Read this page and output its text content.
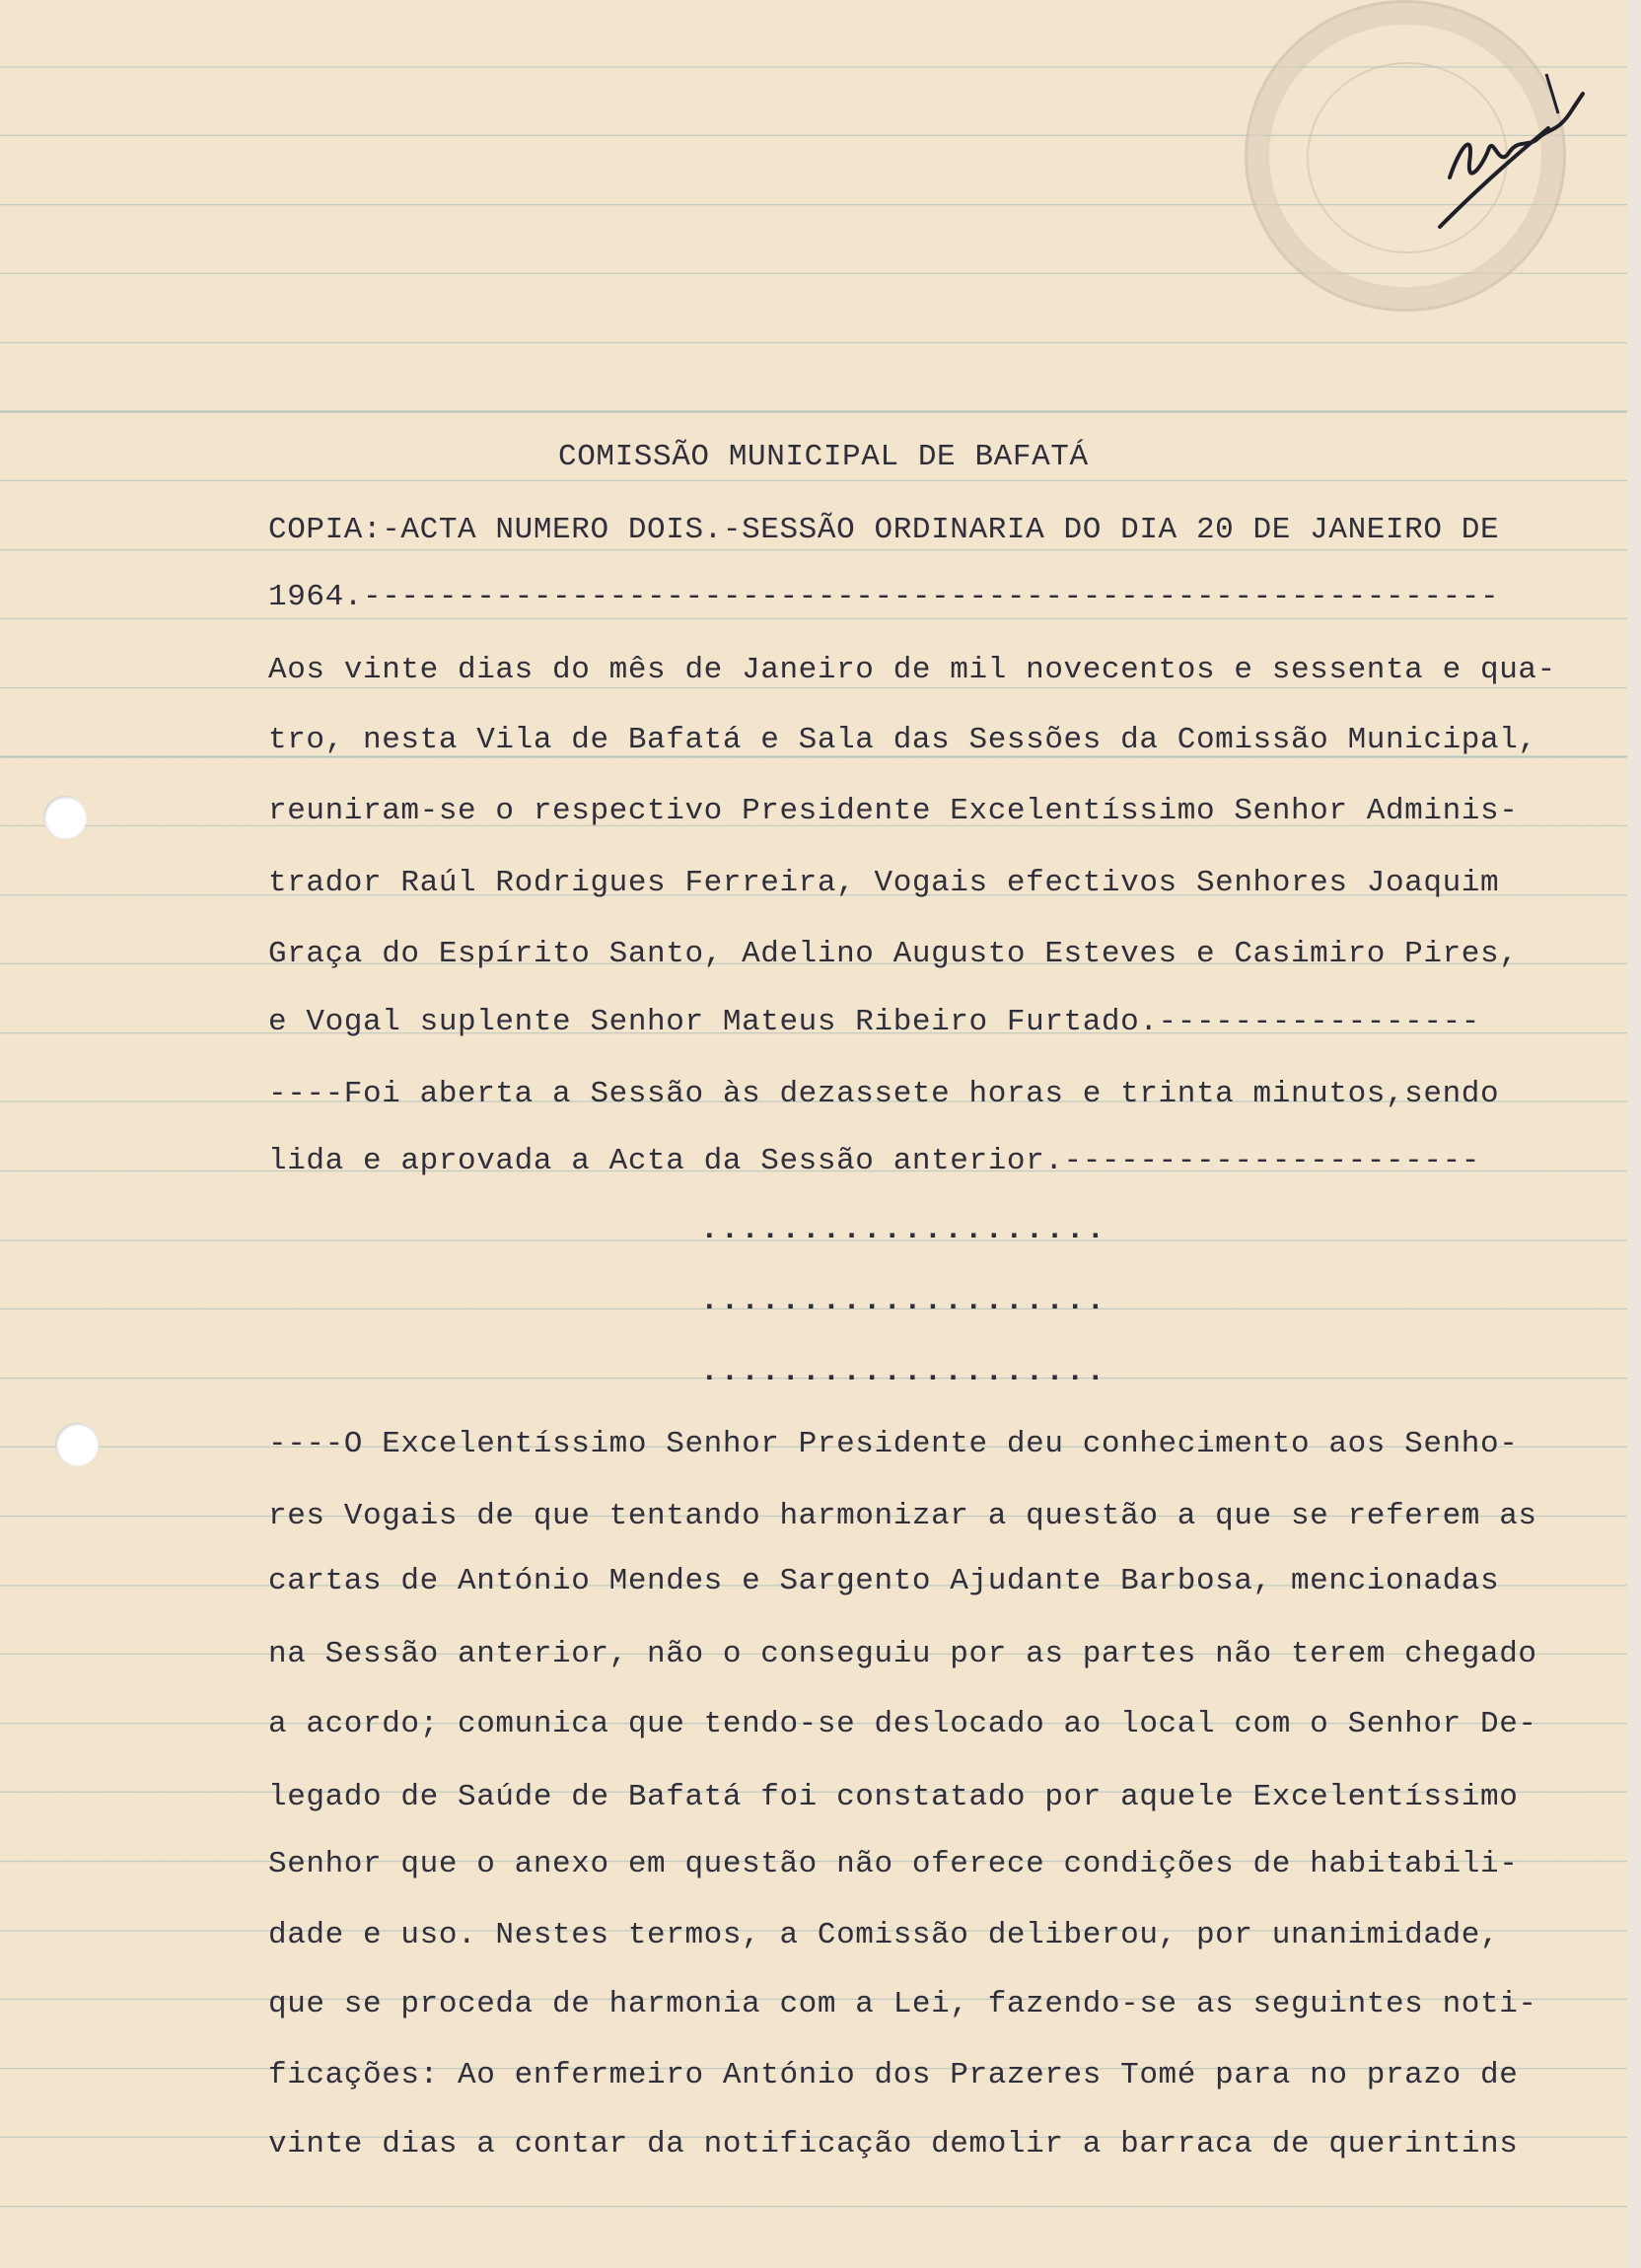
COMISSÃO MUNICIPAL DE BAFATÁ
COPIA:-ACTA NUMERO DOIS.-SESSÃO ORDINARIA DO DIA 20 DE JANEIRO DE
1964.------------------------------------------------------------
Aos vinte dias do mês de Janeiro de mil novecentos e sessenta e qua-
tro, nesta Vila de Bafatá e Sala das Sessões da Comissão Municipal,
reuniram-se o respectivo Presidente Excelentíssimo Senhor Adminis-
trador Raúl Rodrigues Ferreira, Vogais efectivos Senhores Joaquim
Graça do Espírito Santo, Adelino Augusto Esteves e Casimiro Pires,
e Vogal suplente Senhor Mateus Ribeiro Furtado.-----------------
----Foi aberta a Sessão às dezassete horas e trinta minutos,sendo
lida e aprovada a Acta da Sessão anterior.----------------------
....................
....................
....................
----O Excelentíssimo Senhor Presidente deu conhecimento aos Senho-
res Vogais de que tentando harmonizar a questão a que se referem as
cartas de António Mendes e Sargento Ajudante Barbosa, mencionadas
na Sessão anterior, não o conseguiu por as partes não terem chegado
a acordo; comunica que tendo-se deslocado ao local com o Senhor De-
legado de Saúde de Bafatá foi constatado por aquele Excelentíssimo
Senhor que o anexo em questão não oferece condições de habitabili-
dade e uso. Nestes termos, a Comissão deliberou, por unanimidade,
que se proceda de harmonia com a Lei, fazendo-se as seguintes noti-
ficações: Ao enfermeiro António dos Prazeres Tomé para no prazo de
vinte dias a contar da notificação demolir a barraca de querintins
